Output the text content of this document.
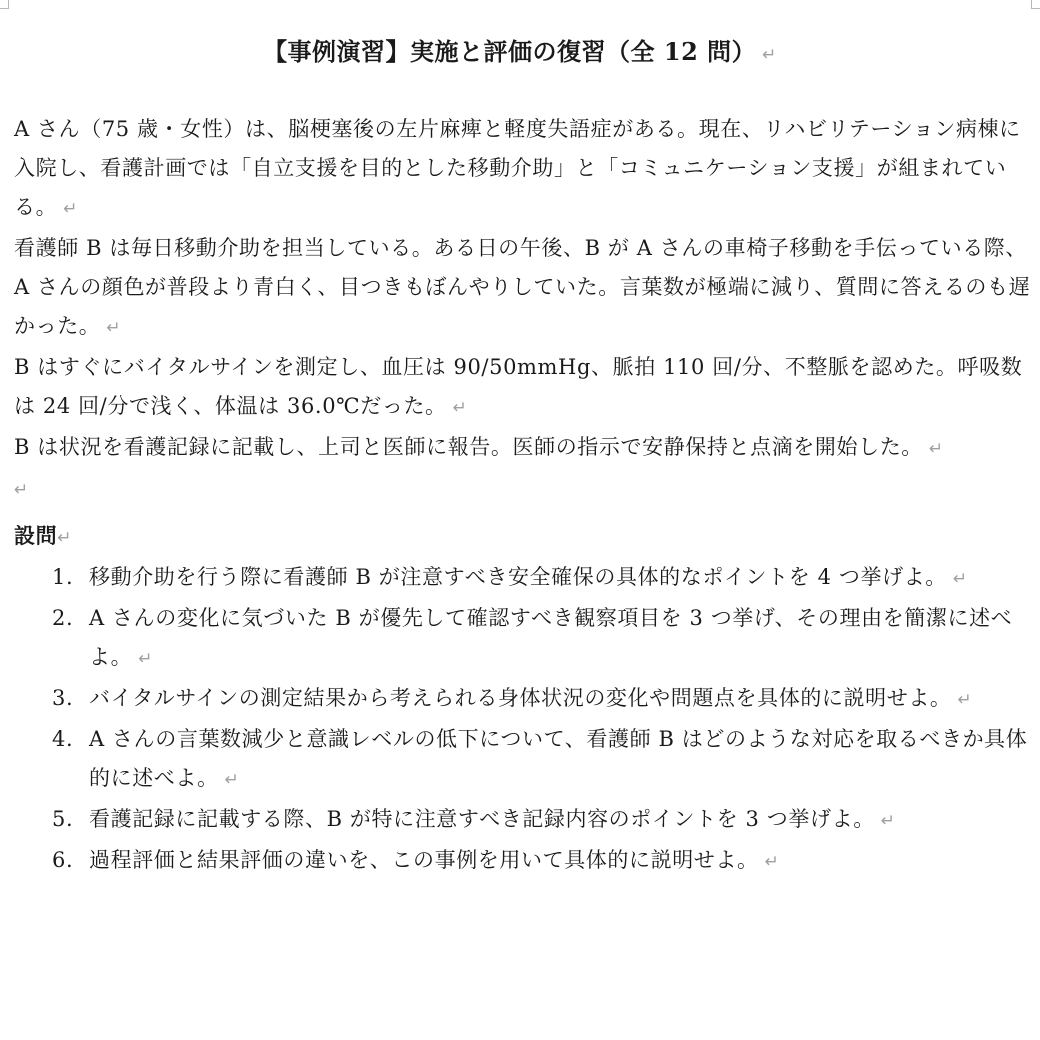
【事例演習】実施と評価の復習（全 12 問） ↵

A さん（75 歳・女性）は、脳梗塞後の左片麻痺と軽度失語症がある。現在、リハビリテーション病棟に入院し、看護計画では「自立支援を目的とした移動介助」と「コミュニケーション支援」が組まれている。 ↵

看護師 B は毎日移動介助を担当している。ある日の午後、B が A さんの車椅子移動を手伝っている際、A さんの顔色が普段より青白く、目つきもぼんやりしていた。言葉数が極端に減り、質問に答えるのも遅かった。 ↵

B はすぐにバイタルサインを測定し、血圧は 90/50mmHg、脈拍 110 回/分、不整脈を認めた。呼吸数は 24 回/分で浅く、体温は 36.0℃だった。 ↵

B は状況を看護記録に記載し、上司と医師に報告。医師の指示で安静保持と点滴を開始した。 ↵

↵

設問↵

1. 移動介助を行う際に看護師 B が注意すべき安全確保の具体的なポイントを 4 つ挙げよ。 ↵
2. A さんの変化に気づいた B が優先して確認すべき観察項目を 3 つ挙げ、その理由を簡潔に述べよ。 ↵
3. バイタルサインの測定結果から考えられる身体状況の変化や問題点を具体的に説明せよ。 ↵
4. A さんの言葉数減少と意識レベルの低下について、看護師 B はどのような対応を取るべきか具体的に述べよ。 ↵
5. 看護記録に記載する際、B が特に注意すべき記録内容のポイントを 3 つ挙げよ。 ↵
6. 過程評価と結果評価の違いを、この事例を用いて具体的に説明せよ。 ↵
